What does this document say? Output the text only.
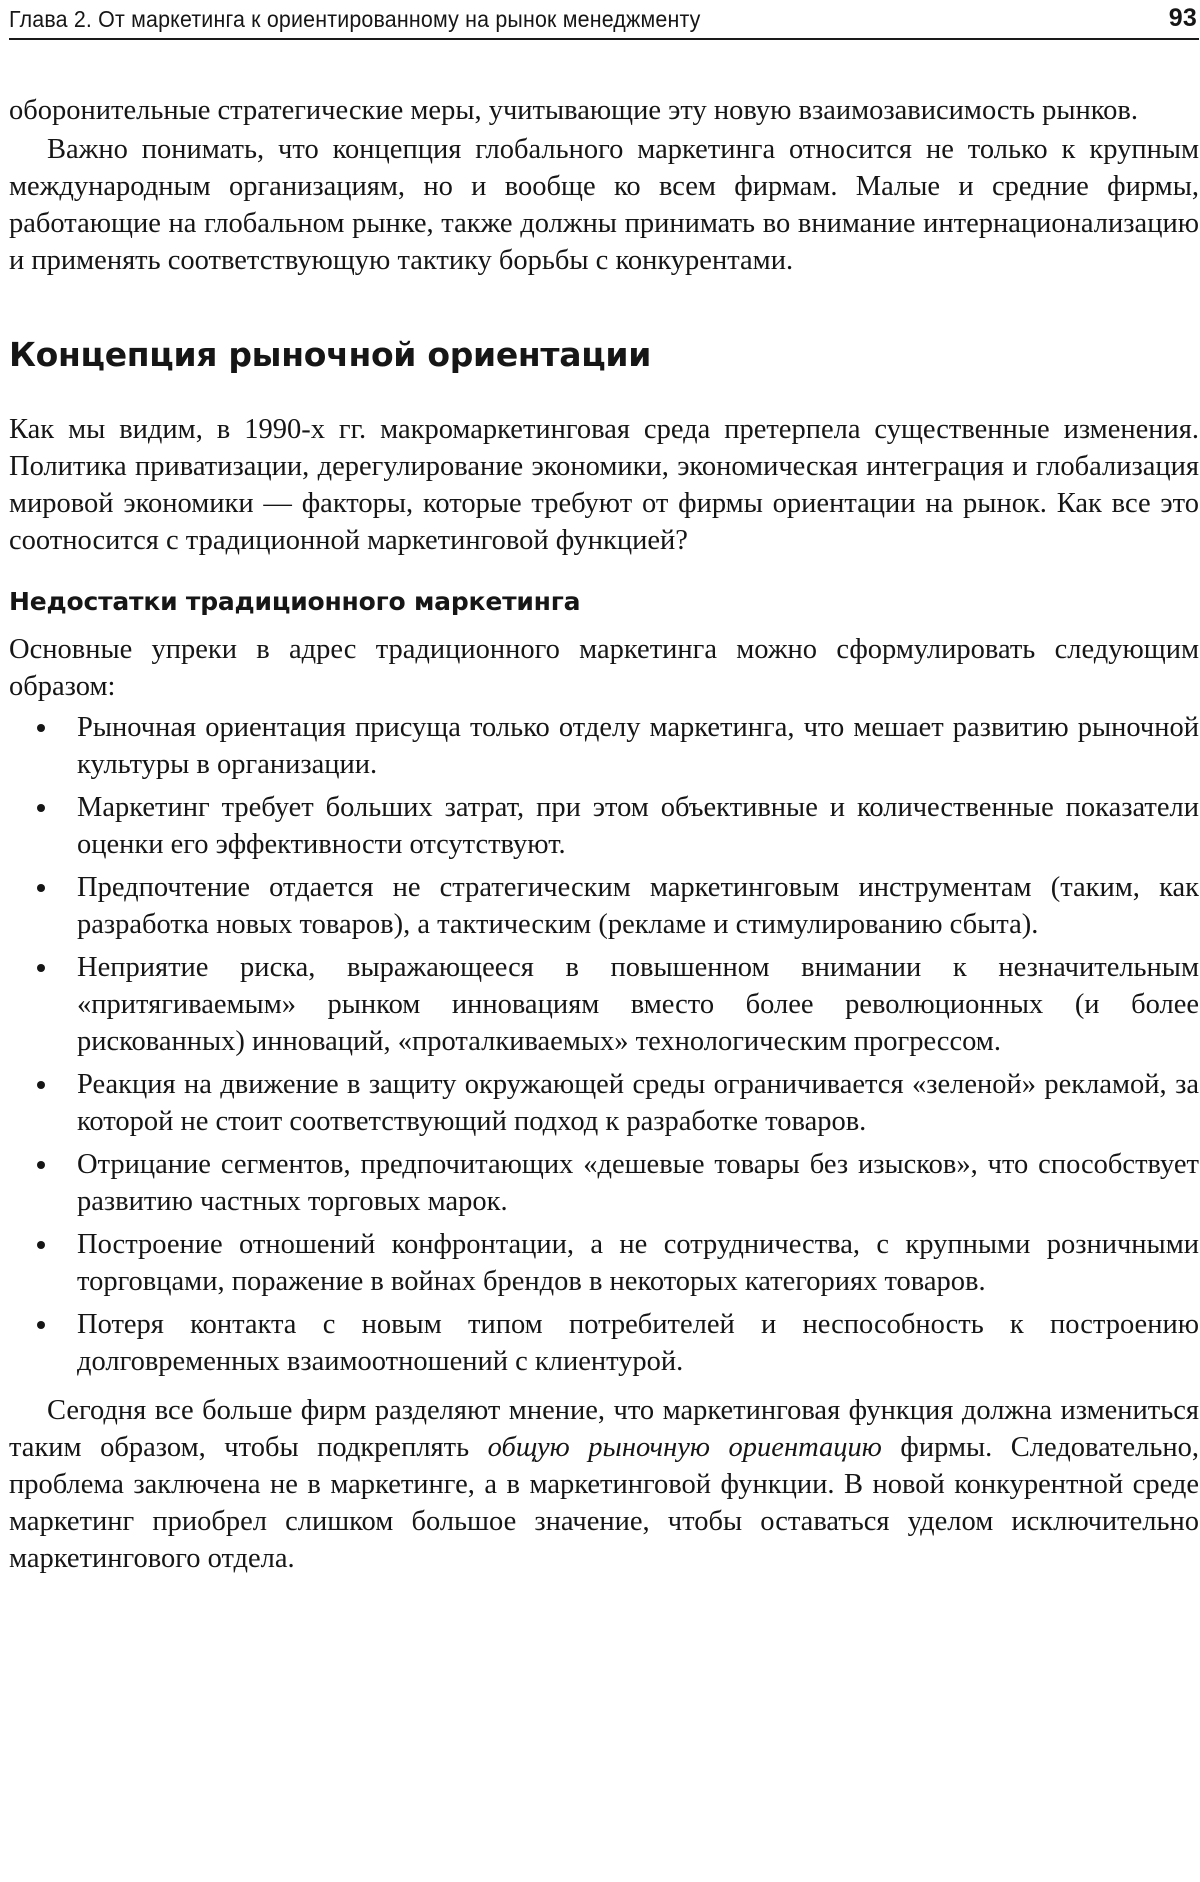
Глава 2. От маркетинга к ориентированному на рынок менеджменту	93

оборонительные стратегические меры, учитывающие эту новую взаимозависимость рынков.

Важно понимать, что концепция глобального маркетинга относится не только к крупным международным организациям, но и вообще ко всем фирмам. Малые и средние фирмы, работающие на глобальном рынке, также должны принимать во внимание интернационализацию и применять соответствующую тактику борьбы с конкурентами.

Концепция рыночной ориентации

Как мы видим, в 1990-х гг. макромаркетинговая среда претерпела существенные изменения. Политика приватизации, дерегулирование экономики, экономическая интеграция и глобализация мировой экономики — факторы, которые требуют от фирмы ориентации на рынок. Как все это соотносится с традиционной маркетинговой функцией?

Недостатки традиционного маркетинга

Основные упреки в адрес традиционного маркетинга можно сформулировать следующим образом:

Рыночная ориентация присуща только отделу маркетинга, что мешает развитию рыночной культуры в организации.
Маркетинг требует больших затрат, при этом объективные и количественные показатели оценки его эффективности отсутствуют.
Предпочтение отдается не стратегическим маркетинговым инструментам (таким, как разработка новых товаров), а тактическим (рекламе и стимулированию сбыта).
Неприятие риска, выражающееся в повышенном внимании к незначительным «притягиваемым» рынком инновациям вместо более революционных (и более рискованных) инноваций, «проталкиваемых» технологическим прогрессом.
Реакция на движение в защиту окружающей среды ограничивается «зеленой» рекламой, за которой не стоит соответствующий подход к разработке товаров.
Отрицание сегментов, предпочитающих «дешевые товары без изысков», что способствует развитию частных торговых марок.
Построение отношений конфронтации, а не сотрудничества, с крупными розничными торговцами, поражение в войнах брендов в некоторых категориях товаров.
Потеря контакта с новым типом потребителей и неспособность к построению долговременных взаимоотношений с клиентурой.

Сегодня все больше фирм разделяют мнение, что маркетинговая функция должна измениться таким образом, чтобы подкреплять общую рыночную ориентацию фирмы. Следовательно, проблема заключена не в маркетинге, а в маркетинговой функции. В новой конкурентной среде маркетинг приобрел слишком большое значение, чтобы оставаться уделом исключительно маркетингового отдела.
